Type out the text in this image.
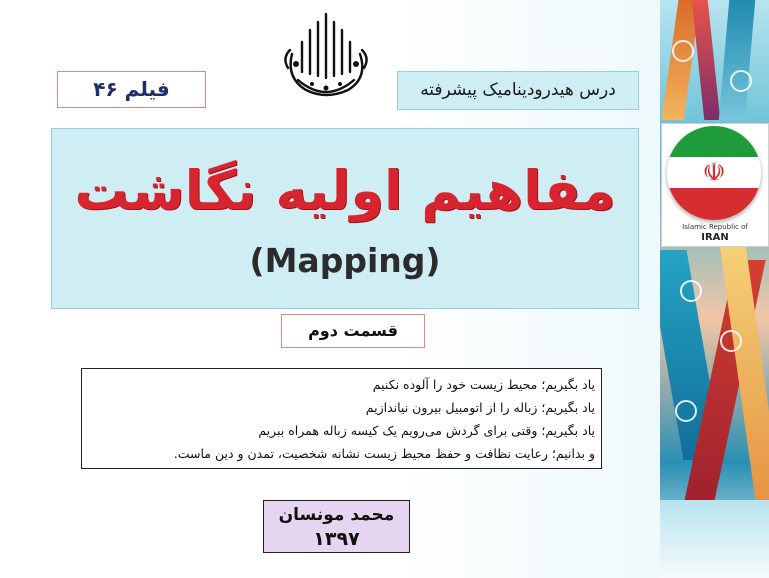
درس هیدرودینامیک پیشرفته
فیلم ۴۶
مفاهیم اولیه نگاشت
(Mapping)
قسمت دوم
یاد بگیریم؛ محیط زیست خود را آلوده نکنیم
یاد بگیریم؛ زباله را از اتومبیل بیرون نیاندازیم
یاد بگیریم؛ وقتی برای گردش می‌رویم یک کیسه زباله همراه ببریم
و بدانیم؛ رعایت نظافت و حفظ محیط زیست نشانه شخصیت، تمدن و دین ماست.
محمد مونسان
۱۳۹۷
☫
Islamic Republic of
IRAN
